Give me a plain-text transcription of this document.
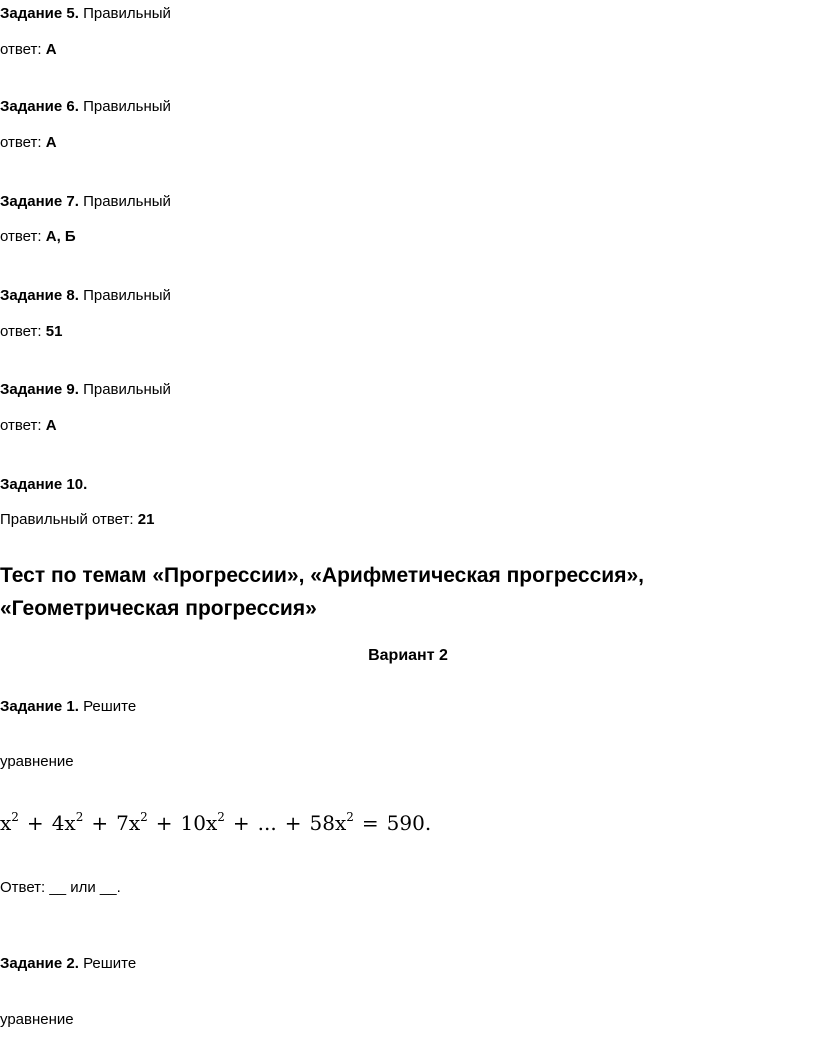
Задание 5. Правильный
ответ: А
Задание 6. Правильный
ответ: А
Задание 7. Правильный
ответ: А, Б
Задание 8. Правильный
ответ: 51
Задание 9. Правильный
ответ: А
Задание 10.
Правильный ответ: 21
Тест по темам «Прогрессии», «Арифметическая прогрессия»,
«Геометрическая прогрессия»
Вариант 2
Задание 1. Решите
уравнение
$x^2 + 4x^2 + 7x^2 + 10x^2$ + ... + $58x^2 = 590$.
Ответ: __ или __.
Задание 2. Решите
уравнение
